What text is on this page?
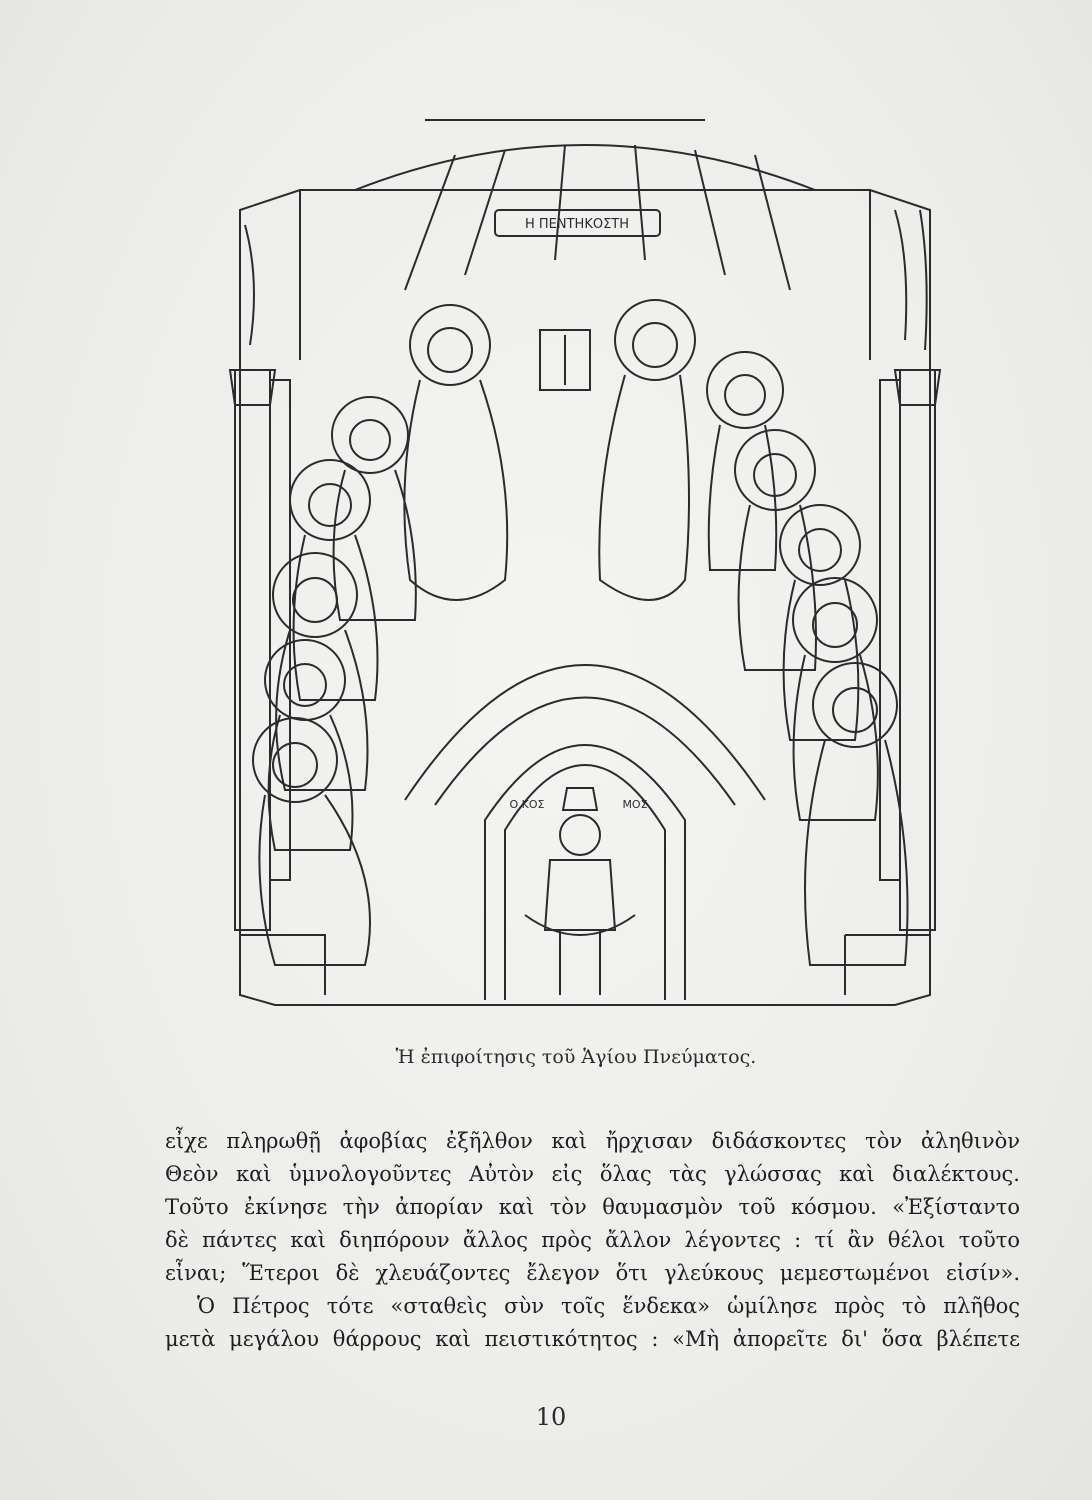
Η ΠΕΝΤΗΚΟΣΤΗ
Ο ΚΟΣ	ΜΟΣ
Ἡ ἐπιφοίτησις τοῦ Ἁγίου Πνεύματος.
εἶχε πληρωθῇ ἀφοβίας ἐξῆλθον καὶ ἤρχισαν διδάσκοντες τὸν ἀληθινὸν
Θεὸν καὶ ὑμνολογοῦντες Αὐτὸν εἰς ὅλας τὰς γλώσσας καὶ διαλέκτους.
Τοῦτο ἐκίνησε τὴν ἀπορίαν καὶ τὸν θαυμασμὸν τοῦ κόσμου. «Ἐξίσταντο
δὲ πάντες καὶ διηπόρουν ἄλλος πρὸς ἄλλον λέγοντες : τί ἂν θέλοι τοῦτο
εἶναι; Ἕτεροι δὲ χλευάζοντες ἔλεγον ὅτι γλεύκους μεμεστωμένοι εἰσίν».
Ὁ Πέτρος τότε «σταθεὶς σὺν τοῖς ἕνδεκα» ὡμίλησε πρὸς τὸ πλῆθος
μετὰ μεγάλου θάρρους καὶ πειστικότητος : «Μὴ ἀπορεῖτε δι' ὅσα βλέπετε
10
